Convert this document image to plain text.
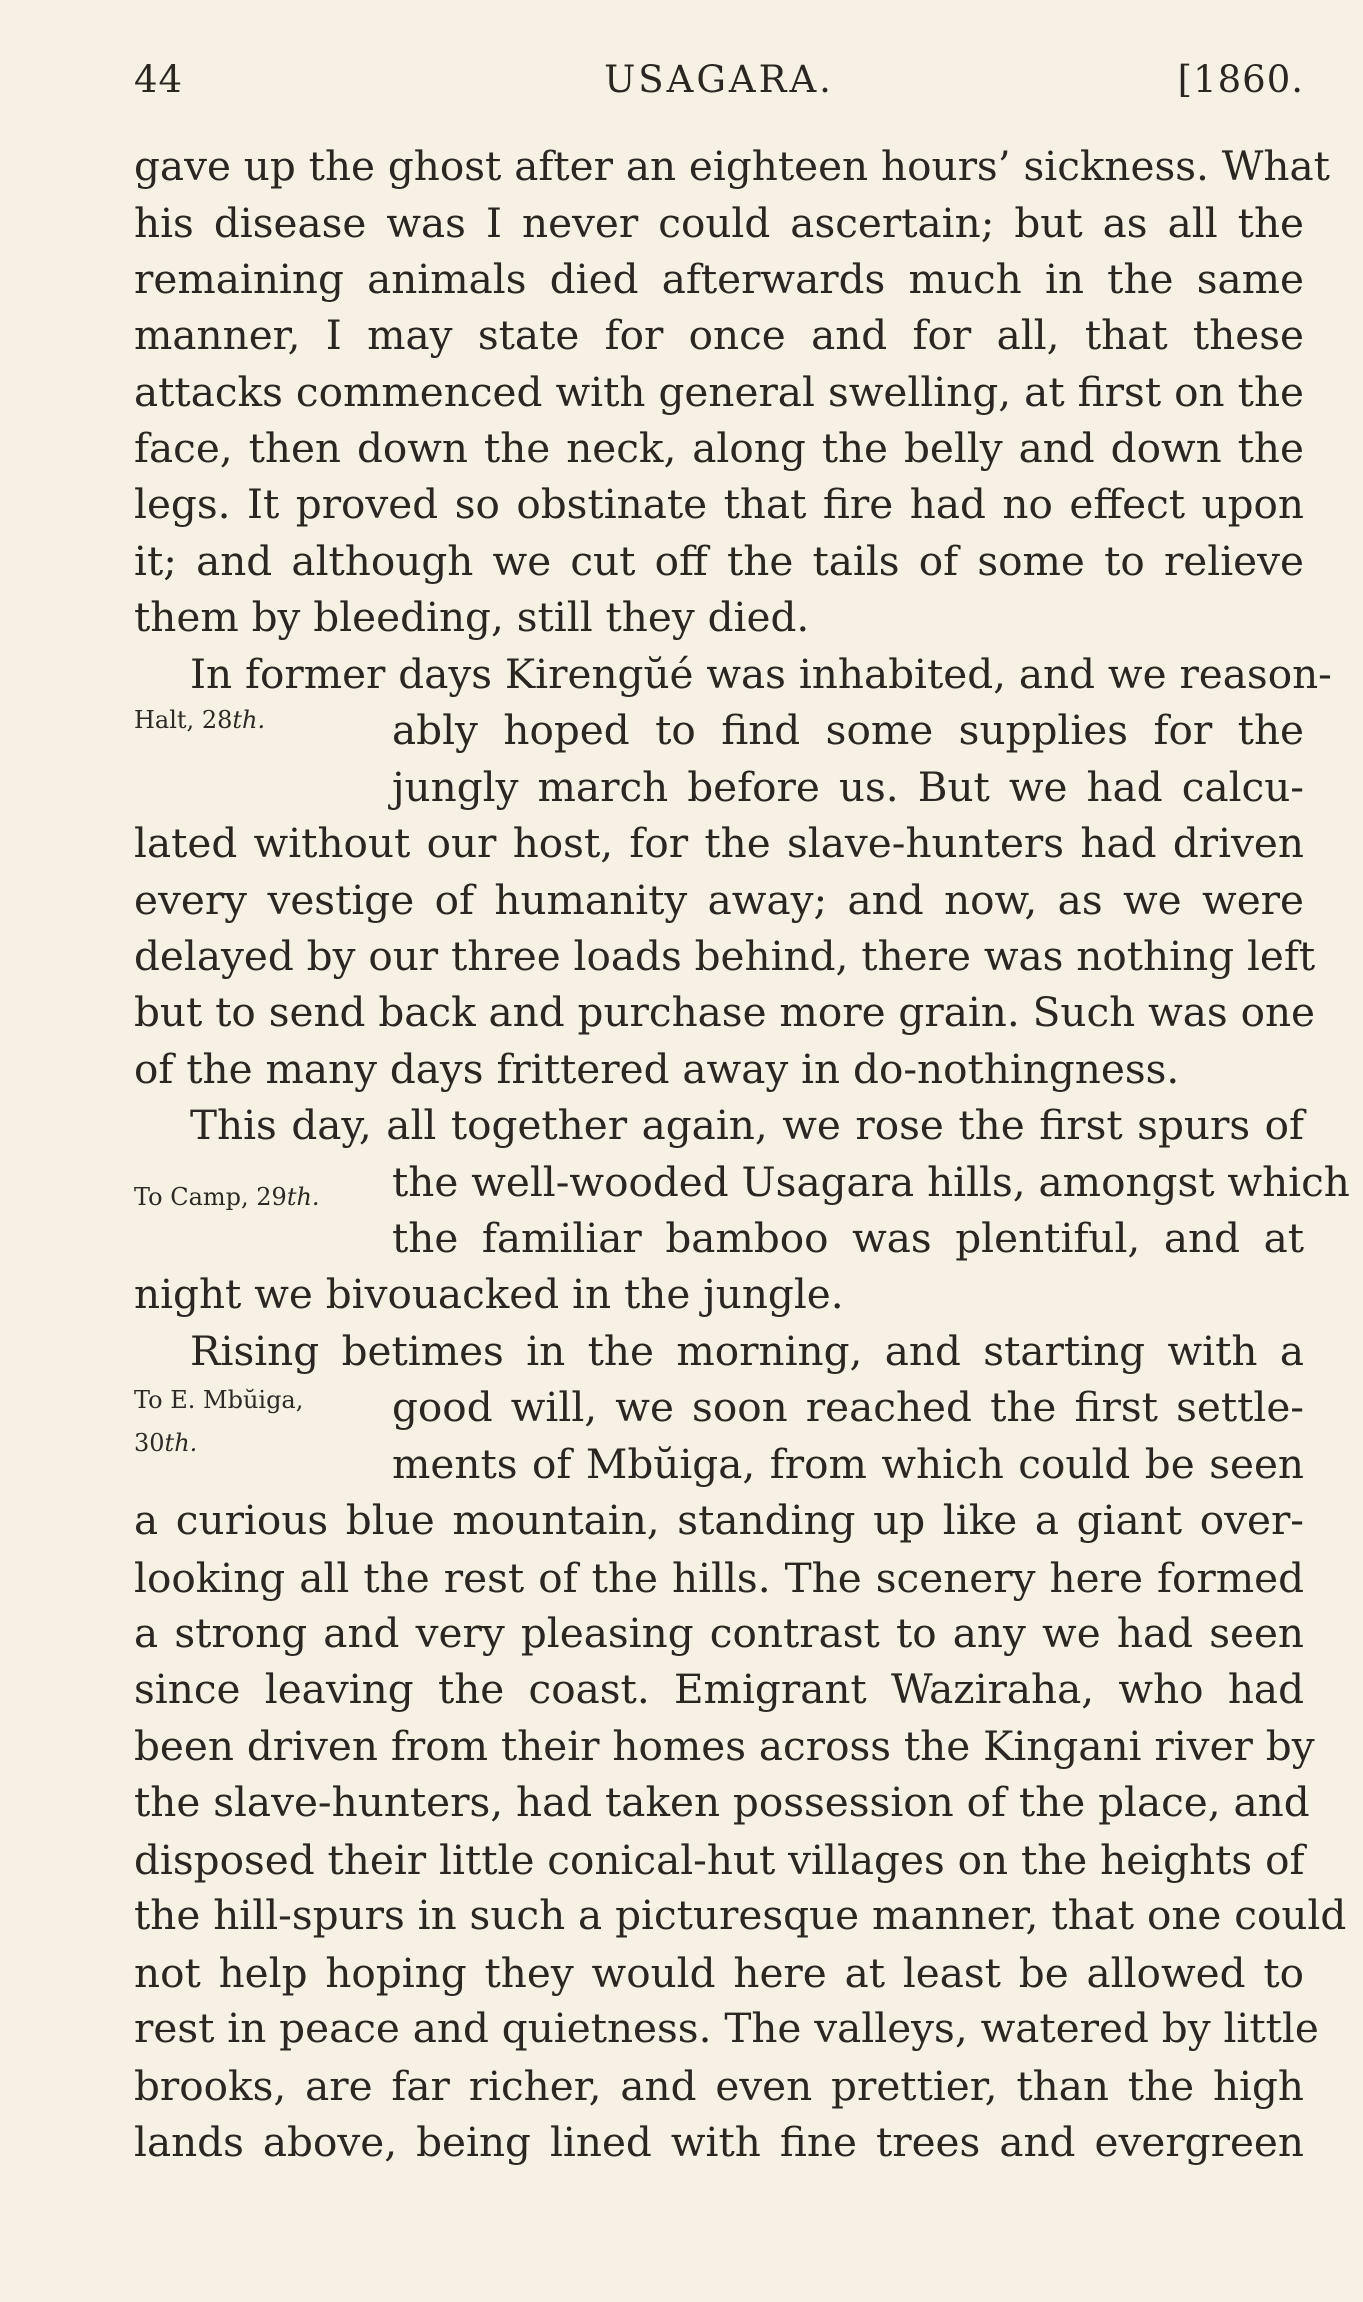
44	USAGARA.	[1860.
gave up the ghost after an eighteen hours’ sickness. What
his disease was I never could ascertain; but as all the
remaining animals died afterwards much in the same
manner, I may state for once and for all, that these
attacks commenced with general swelling, at first on the
face, then down the neck, along the belly and down the
legs. It proved so obstinate that fire had no effect upon
it; and although we cut off the tails of some to relieve
them by bleeding, still they died.
In former days Kirengŭé was inhabited, and we reason-
Halt, 28th.	ably hoped to find some supplies for the
jungly march before us. But we had calcu-
lated without our host, for the slave-hunters had driven
every vestige of humanity away; and now, as we were
delayed by our three loads behind, there was nothing left
but to send back and purchase more grain. Such was one
of the many days frittered away in do-nothingness.
This day, all together again, we rose the first spurs of
To Camp, 29th. the well-wooded Usagara hills, amongst which
the familiar bamboo was plentiful, and at
night we bivouacked in the jungle.
Rising betimes in the morning, and starting with a
To E. Mbŭiga, good will, we soon reached the first settle-
30th.	ments of Mbŭiga, from which could be seen
a curious blue mountain, standing up like a giant over-
looking all the rest of the hills. The scenery here formed
a strong and very pleasing contrast to any we had seen
since leaving the coast. Emigrant Waziraha, who had
been driven from their homes across the Kingani river by
the slave-hunters, had taken possession of the place, and
disposed their little conical-hut villages on the heights of
the hill-spurs in such a picturesque manner, that one could
not help hoping they would here at least be allowed to
rest in peace and quietness. The valleys, watered by little
brooks, are far richer, and even prettier, than the high
lands above, being lined with fine trees and evergreen
